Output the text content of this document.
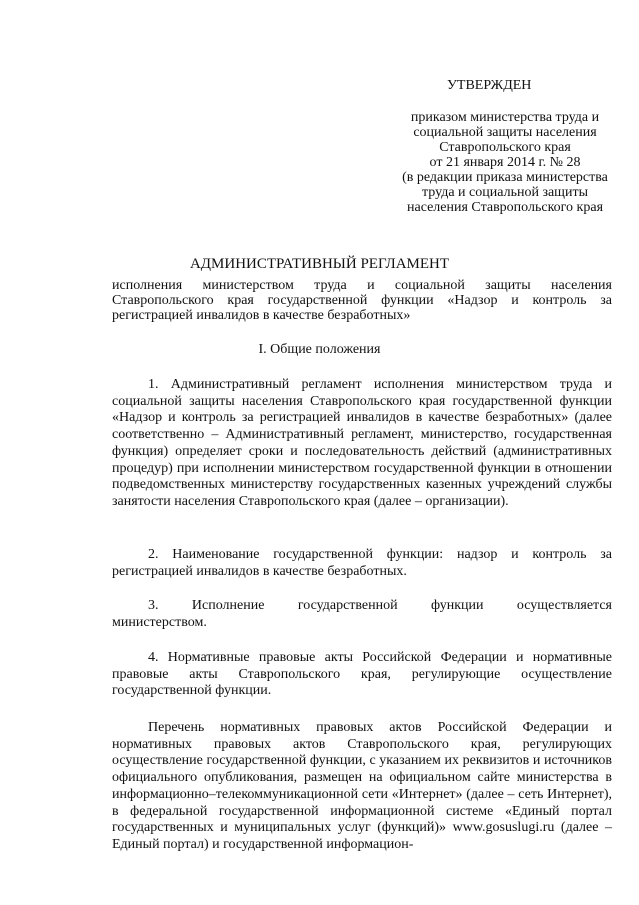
УТВЕРЖДЕН
приказом министерства труда и
социальной защиты населения
Ставропольского края
от 21 января 2014 г. № 28
(в редакции приказа министерства
труда и социальной защиты
населения Ставропольского края
АДМИНИСТРАТИВНЫЙ РЕГЛАМЕНТ
исполнения министерством труда и социальной защиты населения Ставропольского края государственной функции «Надзор и контроль за регистрацией инвалидов в качестве безработных»
I. Общие положения

1. Административный регламент исполнения министерством труда и социальной защиты населения Ставропольского края государственной функции «Надзор и контроль за регистрацией инвалидов в качестве безработных» (далее соответственно – Административный регламент, министерство, государственная функция) определяет сроки и последовательность действий (административных процедур) при исполнении министерством государственной функции в отношении подведомственных министерству государственных казенных учреждений службы занятости населения Ставропольского края (далее – организации).

2. Наименование государственной функции: надзор и контроль за регистрацией инвалидов в качестве безработных.

3. Исполнение государственной функции осуществляется министерством.

4. Нормативные правовые акты Российской Федерации и нормативные правовые акты Ставропольского края, регулирующие осуществление государственной функции.

Перечень нормативных правовых актов Российской Федерации и нормативных правовых актов Ставропольского края, регулирующих осуществление государственной функции, с указанием их реквизитов и источников официального опубликования, размещен на официальном сайте министерства в информационно–телекоммуникационной сети «Интернет» (далее – сеть Интернет), в федеральной государственной информационной системе «Единый портал государственных и муниципальных услуг (функций)» www.gosuslugi.ru (далее – Единый портал) и государственной информацион-
